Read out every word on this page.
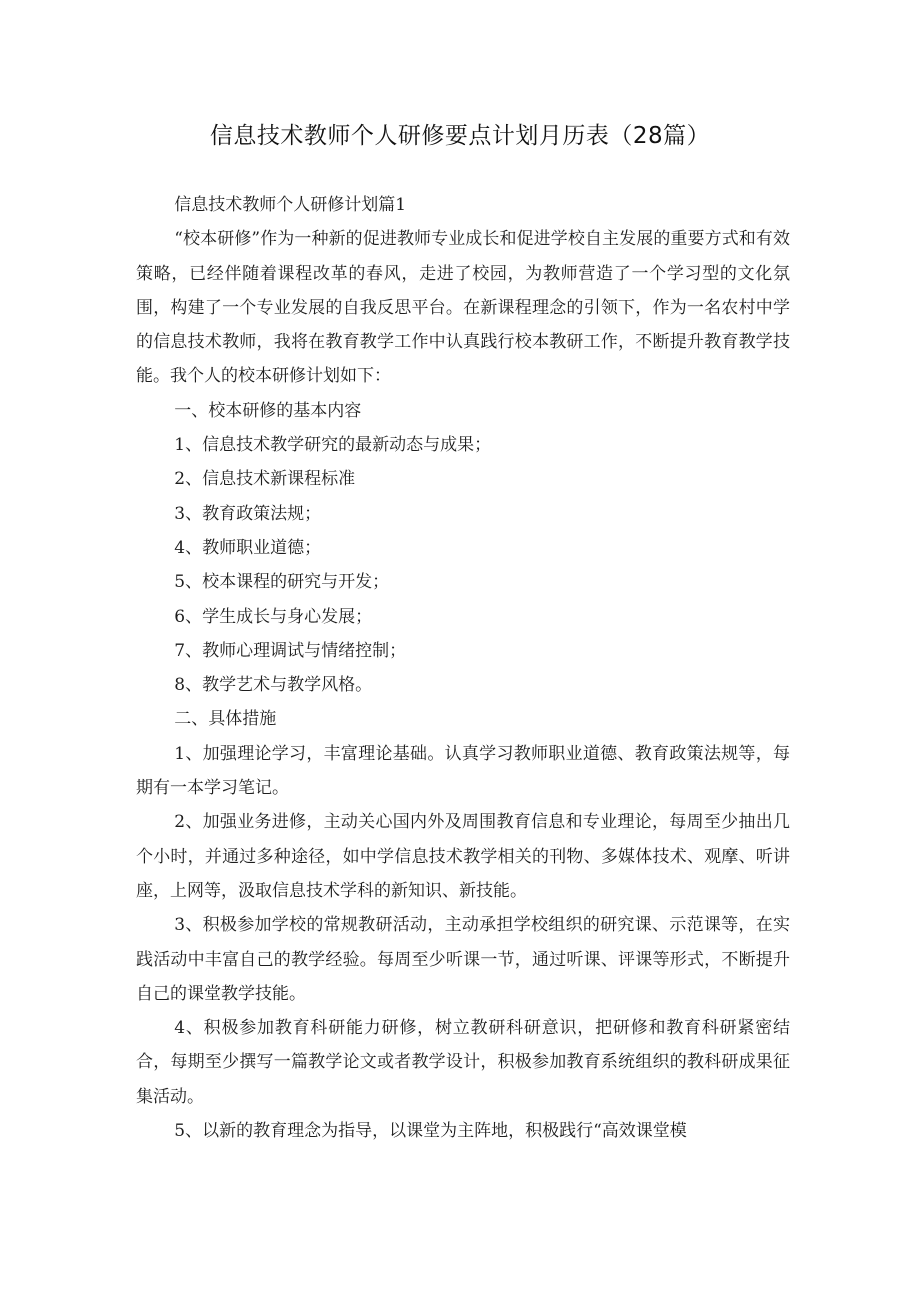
信息技术教师个人研修要点计划月历表（28篇）

信息技术教师个人研修计划篇1

“校本研修”作为一种新的促进教师专业成长和促进学校自主发展的重要方式和有效策略，已经伴随着课程改革的春风，走进了校园，为教师营造了一个学习型的文化氛围，构建了一个专业发展的自我反思平台。在新课程理念的引领下，作为一名农村中学的信息技术教师，我将在教育教学工作中认真践行校本教研工作，不断提升教育教学技能。我个人的校本研修计划如下：

一、校本研修的基本内容

1、信息技术教学研究的最新动态与成果；

2、信息技术新课程标准

3、教育政策法规；

4、教师职业道德；

5、校本课程的研究与开发；

6、学生成长与身心发展；

7、教师心理调试与情绪控制；

8、教学艺术与教学风格。

二、具体措施

1、加强理论学习，丰富理论基础。认真学习教师职业道德、教育政策法规等，每期有一本学习笔记。

2、加强业务进修，主动关心国内外及周围教育信息和专业理论，每周至少抽出几个小时，并通过多种途径，如中学信息技术教学相关的刊物、多媒体技术、观摩、听讲座，上网等，汲取信息技术学科的新知识、新技能。

3、积极参加学校的常规教研活动，主动承担学校组织的研究课、示范课等，在实践活动中丰富自己的教学经验。每周至少听课一节，通过听课、评课等形式，不断提升自己的课堂教学技能。

4、积极参加教育科研能力研修，树立教研科研意识，把研修和教育科研紧密结合，每期至少撰写一篇教学论文或者教学设计，积极参加教育系统组织的教科研成果征集活动。

5、以新的教育理念为指导，以课堂为主阵地，积极践行“高效课堂模
